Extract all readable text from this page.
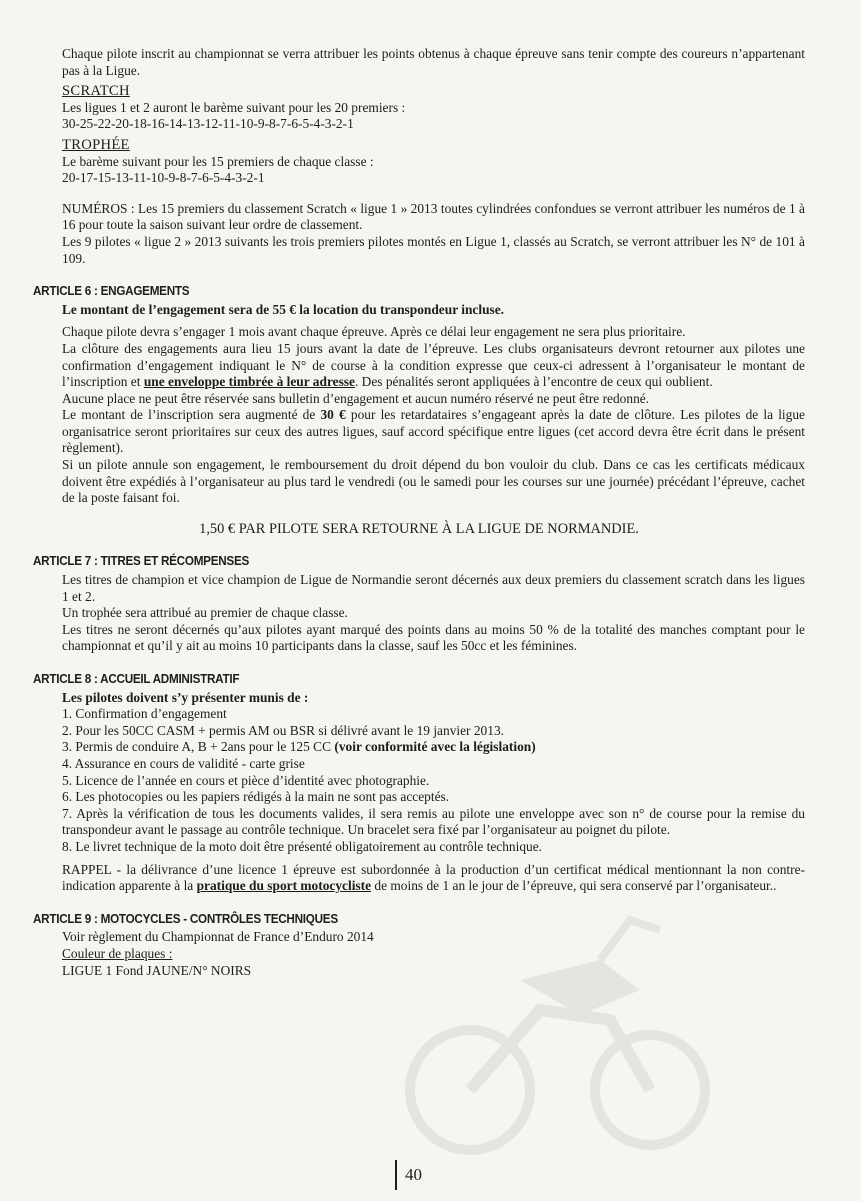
Chaque pilote inscrit au championnat se verra attribuer les points obtenus à chaque épreuve sans tenir compte des coureurs n’appartenant pas à la Ligue.

SCRATCH

Les ligues 1 et 2 auront le barème suivant pour les 20 premiers :

30-25-22-20-18-16-14-13-12-11-10-9-8-7-6-5-4-3-2-1

TROPHÉE

Le barème suivant pour les 15 premiers de chaque classe :

20-17-15-13-11-10-9-8-7-6-5-4-3-2-1

NUMÉROS : Les 15 premiers du classement Scratch « ligue 1 » 2013 toutes cylindrées confondues se verront attribuer les numéros de 1 à 16 pour toute la saison suivant leur ordre de classement.

Les 9 pilotes « ligue 2 » 2013 suivants les trois premiers pilotes montés en Ligue 1, classés au Scratch, se verront attribuer les N° de 101 à 109.

ARTICLE 6 : ENGAGEMENTS

Le montant de l’engagement sera de 55 € la location du transpondeur incluse.

Chaque pilote devra s’engager 1 mois avant chaque épreuve. Après ce délai leur engagement ne sera plus prioritaire.

La clôture des engagements aura lieu 15 jours avant la date de l’épreuve. Les clubs organisateurs devront retourner aux pilotes une confirmation d’engagement indiquant le N° de course à la condition expresse que ceux-ci adressent à l’organisateur le montant de l’inscription et une enveloppe timbrée à leur adresse. Des pénalités seront appliquées à l’encontre de ceux qui oublient.

Aucune place ne peut être réservée sans bulletin d’engagement et aucun numéro réservé ne peut être redonné.

Le montant de l’inscription sera augmenté de 30 € pour les retardataires s’engageant après la date de clôture. Les pilotes de la ligue organisatrice seront prioritaires sur ceux des autres ligues, sauf accord spécifique entre ligues (cet accord devra être écrit dans le présent règlement).

Si un pilote annule son engagement, le remboursement du droit dépend du bon vouloir du club. Dans ce cas les certificats médicaux doivent être expédiés à l’organisateur au plus tard le vendredi (ou le samedi pour les courses sur une journée) précédant l’épreuve, cachet de la poste faisant foi.

1,50 € PAR PILOTE SERA RETOURNE À LA LIGUE DE NORMANDIE.

ARTICLE 7 : TITRES ET RÉCOMPENSES

Les titres de champion et vice champion de Ligue de Normandie seront décernés aux deux premiers du classement scratch dans les ligues 1 et 2.

Un trophée sera attribué au premier de chaque classe.

Les titres ne seront décernés qu’aux pilotes ayant marqué des points dans au moins 50 % de la totalité des manches comptant pour le championnat et qu’il y ait au moins 10 participants dans la classe, sauf les 50cc et les féminines.

ARTICLE 8 : ACCUEIL ADMINISTRATIF

Les pilotes doivent s’y présenter munis de :

1. Confirmation d’engagement
2. Pour les 50CC CASM + permis AM ou BSR si délivré avant le 19 janvier 2013.
3. Permis de conduire A, B + 2ans pour le 125 CC (voir conformité avec la législation)
4. Assurance en cours de validité - carte grise
5. Licence de l’année en cours et pièce d’identité avec photographie.
6. Les photocopies ou les papiers rédigés à la main ne sont pas acceptés.
7. Après la vérification de tous les documents valides, il sera remis au pilote une enveloppe avec son n° de course pour la remise du transpondeur avant le passage au contrôle technique. Un bracelet sera fixé par l’organisateur au poignet du pilote.
8. Le livret technique de la moto doit être présenté obligatoirement au contrôle technique.

RAPPEL - la délivrance d’une licence 1 épreuve est subordonnée à la production d’un certificat médical mentionnant la non contre-indication apparente à la pratique du sport motocycliste de moins de 1 an le jour de l’épreuve, qui sera conservé par l’organisateur..

ARTICLE 9 : MOTOCYCLES - CONTRÔLES TECHNIQUES

Voir règlement du Championnat de France d’Enduro 2014

Couleur de plaques :

LIGUE 1 Fond JAUNE/N° NOIRS

40
